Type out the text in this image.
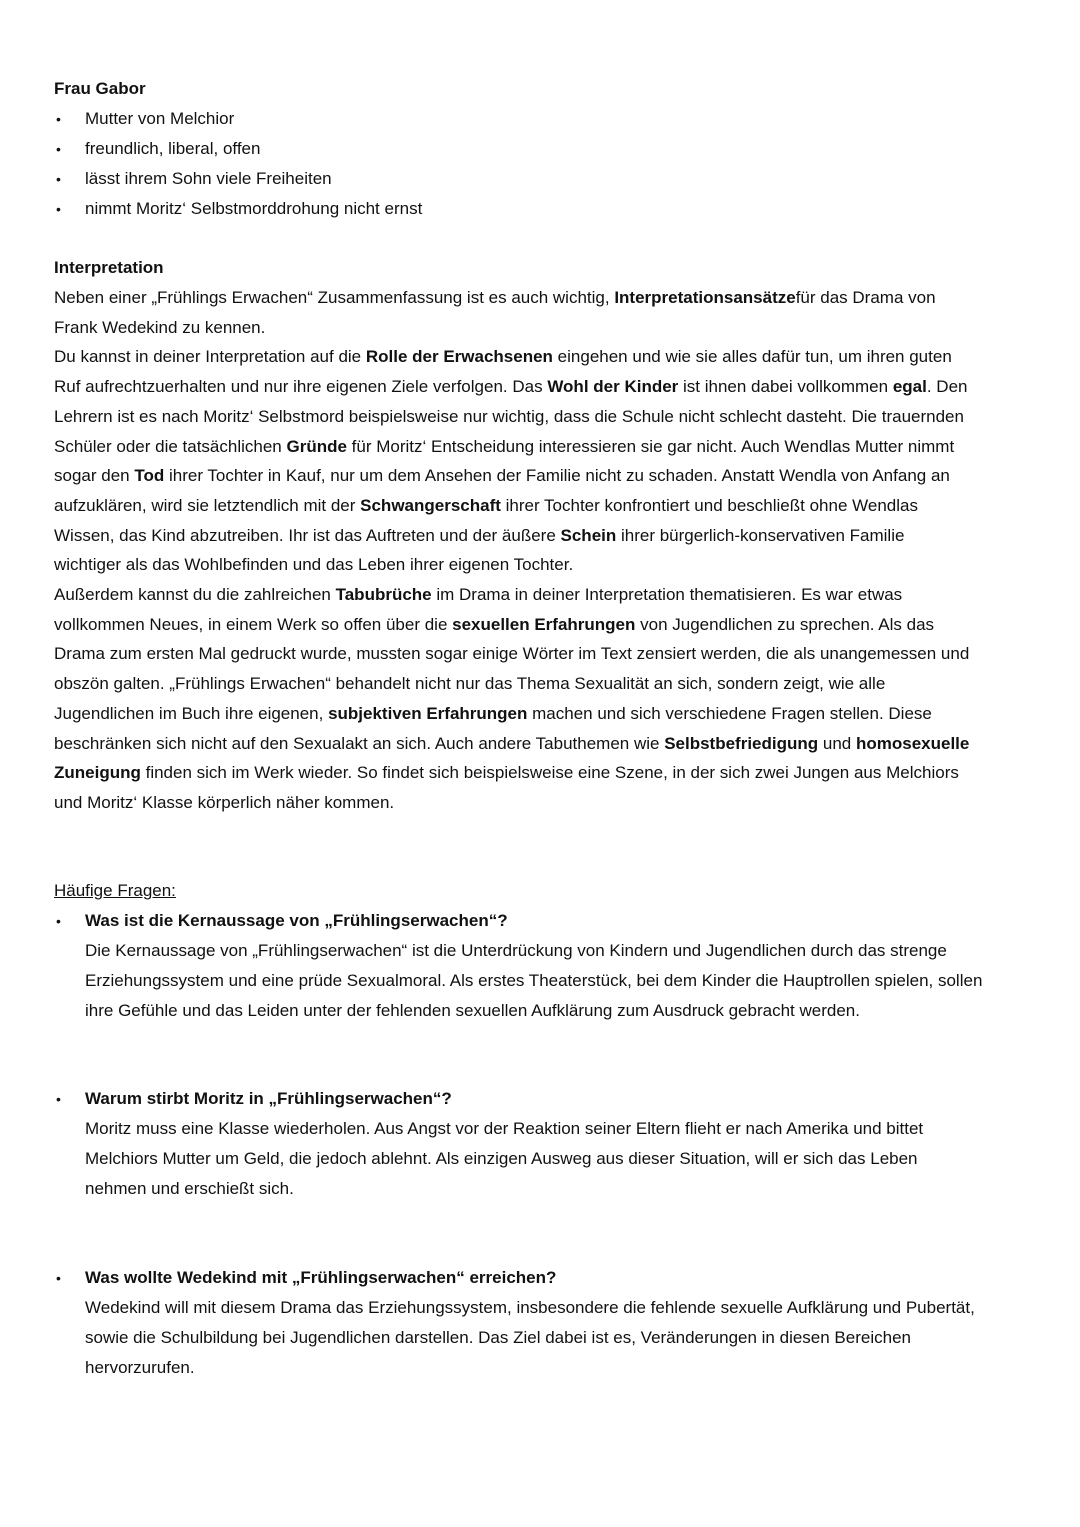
Frau Gabor
• Mutter von Melchior
• freundlich, liberal, offen
• lässt ihrem Sohn viele Freiheiten
• nimmt Moritz‘ Selbstmorddrohung nicht ernst
Interpretation
Neben einer „Frühlings Erwachen“ Zusammenfassung ist es auch wichtig, Interpretationsansätzefür das Drama von
Frank Wedekind zu kennen.
Du kannst in deiner Interpretation auf die Rolle der Erwachsenen eingehen und wie sie alles dafür tun, um ihren guten
Ruf aufrechtzuerhalten und nur ihre eigenen Ziele verfolgen. Das Wohl der Kinder ist ihnen dabei vollkommen egal. Den
Lehrern ist es nach Moritz‘ Selbstmord beispielsweise nur wichtig, dass die Schule nicht schlecht dasteht. Die trauernden
Schüler oder die tatsächlichen Gründe für Moritz‘ Entscheidung interessieren sie gar nicht. Auch Wendlas Mutter nimmt
sogar den Tod ihrer Tochter in Kauf, nur um dem Ansehen der Familie nicht zu schaden. Anstatt Wendla von Anfang an
aufzuklären, wird sie letztendlich mit der Schwangerschaft ihrer Tochter konfrontiert und beschließt ohne Wendlas
Wissen, das Kind abzutreiben. Ihr ist das Auftreten und der äußere Schein ihrer bürgerlich-konservativen Familie
wichtiger als das Wohlbefinden und das Leben ihrer eigenen Tochter.
Außerdem kannst du die zahlreichen Tabubrüche im Drama in deiner Interpretation thematisieren. Es war etwas
vollkommen Neues, in einem Werk so offen über die sexuellen Erfahrungen von Jugendlichen zu sprechen. Als das
Drama zum ersten Mal gedruckt wurde, mussten sogar einige Wörter im Text zensiert werden, die als unangemessen und
obszön galten. „Frühlings Erwachen“ behandelt nicht nur das Thema Sexualität an sich, sondern zeigt, wie alle
Jugendlichen im Buch ihre eigenen, subjektiven Erfahrungen machen und sich verschiedene Fragen stellen. Diese
beschränken sich nicht auf den Sexualakt an sich. Auch andere Tabuthemen wie Selbstbefriedigung und homosexuelle
Zuneigung finden sich im Werk wieder. So findet sich beispielsweise eine Szene, in der sich zwei Jungen aus Melchiors
und Moritz‘ Klasse körperlich näher kommen.
Häufige Fragen:
• Was ist die Kernaussage von „Frühlingserwachen“?
Die Kernaussage von „Frühlingserwachen“ ist die Unterdrückung von Kindern und Jugendlichen durch das strenge
Erziehungssystem und eine prüde Sexualmoral. Als erstes Theaterstück, bei dem Kinder die Hauptrollen spielen, sollen
ihre Gefühle und das Leiden unter der fehlenden sexuellen Aufklärung zum Ausdruck gebracht werden.
• Warum stirbt Moritz in „Frühlingserwachen“?
Moritz muss eine Klasse wiederholen. Aus Angst vor der Reaktion seiner Eltern flieht er nach Amerika und bittet
Melchiors Mutter um Geld, die jedoch ablehnt. Als einzigen Ausweg aus dieser Situation, will er sich das Leben
nehmen und erschießt sich.
• Was wollte Wedekind mit „Frühlingserwachen“ erreichen?
Wedekind will mit diesem Drama das Erziehungssystem, insbesondere die fehlende sexuelle Aufklärung und Pubertät,
sowie die Schulbildung bei Jugendlichen darstellen. Das Ziel dabei ist es, Veränderungen in diesen Bereichen
hervorzurufen.
